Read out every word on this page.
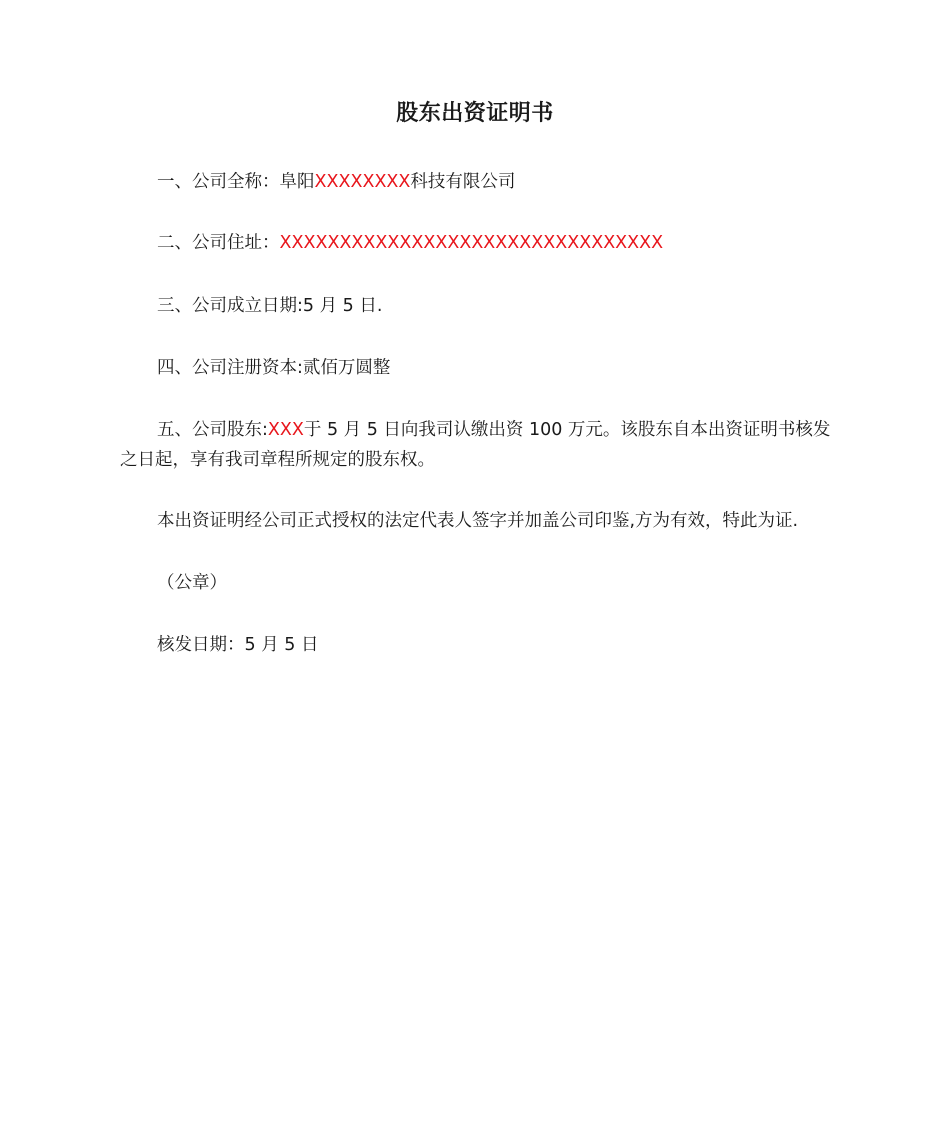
股东出资证明书
一、公司全称：阜阳XXXXXXXX科技有限公司
二、公司住址：XXXXXXXXXXXXXXXXXXXXXXXXXXXXXXXX
三、公司成立日期:5 月 5 日.
四、公司注册资本:贰佰万圆整
五、公司股东:XXX于 5 月 5 日向我司认缴出资 100 万元。该股东自本出资证明书核发之日起，享有我司章程所规定的股东权。
本出资证明经公司正式授权的法定代表人签字并加盖公司印鉴,方为有效，特此为证.
（公章）
核发日期：5 月 5 日
